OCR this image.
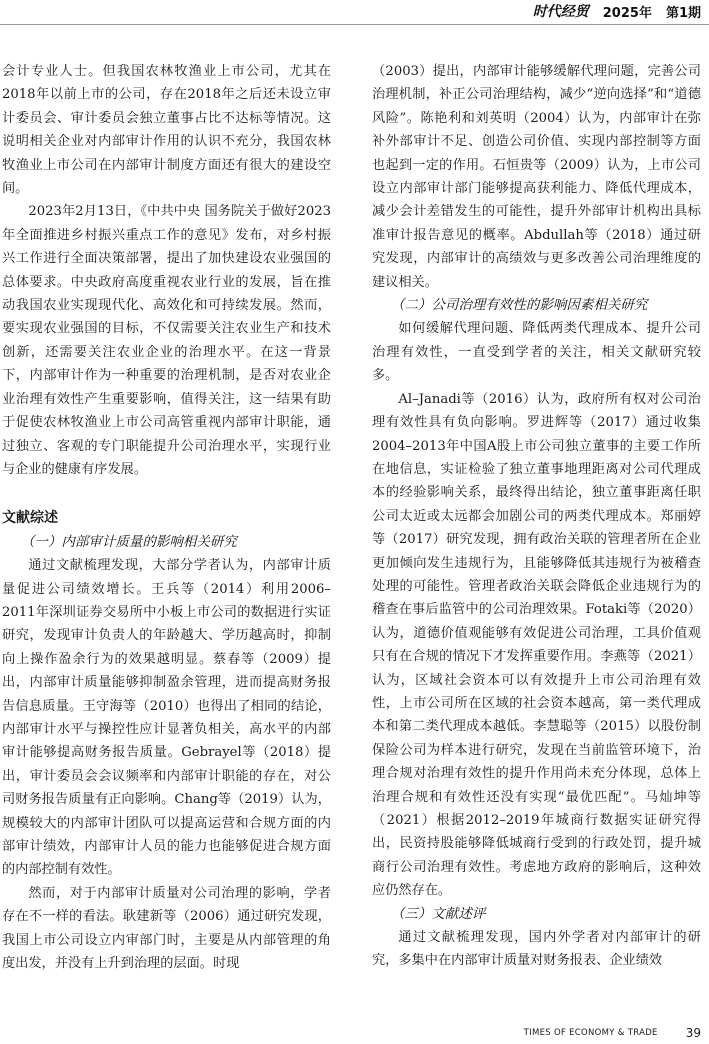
时代经贸 2025年 第1期

会计专业人士。但我国农林牧渔业上市公司，尤其在2018年以前上市的公司，存在2018年之后还未设立审计委员会、审计委员会独立董事占比不达标等情况。这说明相关企业对内部审计作用的认识不充分，我国农林牧渔业上市公司在内部审计制度方面还有很大的建设空间。

2023年2月13日，《中共中央 国务院关于做好2023年全面推进乡村振兴重点工作的意见》发布，对乡村振兴工作进行全面决策部署，提出了加快建设农业强国的总体要求。中央政府高度重视农业行业的发展，旨在推动我国农业实现现代化、高效化和可持续发展。然而，要实现农业强国的目标，不仅需要关注农业生产和技术创新，还需要关注农业企业的治理水平。在这一背景下，内部审计作为一种重要的治理机制，是否对农业企业治理有效性产生重要影响，值得关注，这一结果有助于促使农林牧渔业上市公司高管重视内部审计职能，通过独立、客观的专门职能提升公司治理水平，实现行业与企业的健康有序发展。

文献综述
（一）内部审计质量的影响相关研究

通过文献梳理发现，大部分学者认为，内部审计质量促进公司绩效增长。王兵等（2014）利用2006–2011年深圳证券交易所中小板上市公司的数据进行实证研究，发现审计负责人的年龄越大、学历越高时，抑制向上操作盈余行为的效果越明显。蔡春等（2009）提出，内部审计质量能够抑制盈余管理，进而提高财务报告信息质量。王守海等（2010）也得出了相同的结论，内部审计水平与操控性应计显著负相关，高水平的内部审计能够提高财务报告质量。Gebrayel等（2018）提出，审计委员会会议频率和内部审计职能的存在，对公司财务报告质量有正向影响。Chang等（2019）认为，规模较大的内部审计团队可以提高运营和合规方面的内部审计绩效，内部审计人员的能力也能够促进合规方面的内部控制有效性。

然而，对于内部审计质量对公司治理的影响，学者存在不一样的看法。耿建新等（2006）通过研究发现，我国上市公司设立内审部门时，主要是从内部管理的角度出发，并没有上升到治理的层面。时现

（2003）提出，内部审计能够缓解代理问题，完善公司治理机制，补正公司治理结构，减少“逆向选择”和“道德风险”。陈艳利和刘英明（2004）认为，内部审计在弥补外部审计不足、创造公司价值、实现内部控制等方面也起到一定的作用。石恒贵等（2009）认为，上市公司设立内部审计部门能够提高获利能力、降低代理成本，减少会计差错发生的可能性，提升外部审计机构出具标准审计报告意见的概率。Abdullah等（2018）通过研究发现，内部审计的高绩效与更多改善公司治理维度的建议相关。

（二）公司治理有效性的影响因素相关研究

如何缓解代理问题、降低两类代理成本、提升公司治理有效性，一直受到学者的关注，相关文献研究较多。

Al–Janadi等（2016）认为，政府所有权对公司治理有效性具有负向影响。罗进辉等（2017）通过收集2004–2013年中国A股上市公司独立董事的主要工作所在地信息，实证检验了独立董事地理距离对公司代理成本的经验影响关系，最终得出结论，独立董事距离任职公司太近或太远都会加剧公司的两类代理成本。郑丽婷等（2017）研究发现，拥有政治关联的管理者所在企业更加倾向发生违规行为，且能够降低其违规行为被稽查处理的可能性。管理者政治关联会降低企业违规行为的稽查在事后监管中的公司治理效果。Fotaki等（2020）认为，道德价值观能够有效促进公司治理，工具价值观只有在合规的情况下才发挥重要作用。李燕等（2021）认为，区域社会资本可以有效提升上市公司治理有效性，上市公司所在区域的社会资本越高，第一类代理成本和第二类代理成本越低。李慧聪等（2015）以股份制保险公司为样本进行研究，发现在当前监管环境下，治理合规对治理有效性的提升作用尚未充分体现，总体上治理合规和有效性还没有实现“最优匹配”。马灿坤等（2021）根据2012–2019年城商行数据实证研究得出，民资持股能够降低城商行受到的行政处罚，提升城商行公司治理有效性。考虑地方政府的影响后，这种效应仍然存在。

（三）文献述评

通过文献梳理发现，国内外学者对内部审计的研究，多集中在内部审计质量对财务报表、企业绩效

TIMES OF ECONOMY & TRADE 39
